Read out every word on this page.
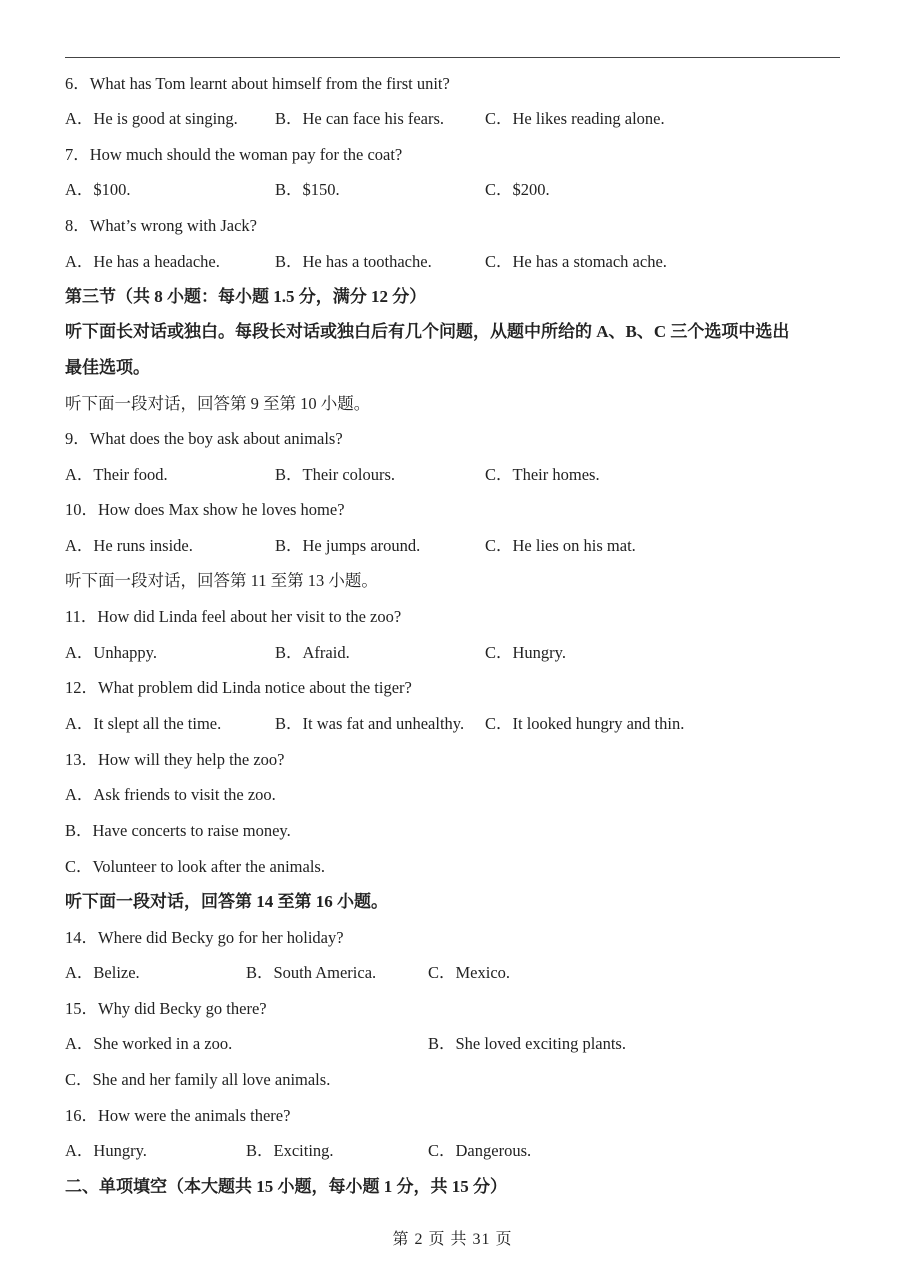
6．What has Tom learnt about himself from the first unit?
A．He is good at singing. B．He can face his fears. C．He likes reading alone.
7．How much should the woman pay for the coat?
A．$100.	B．$150.	C．$200.
8．What’s wrong with Jack?
A．He has a headache.	B．He has a toothache.	C．He has a stomach ache.
第三节（共 8 小题：每小题 1.5 分，满分 12 分）
听下面长对话或独白。每段长对话或独白后有几个问题，从题中所给的 A、B、C 三个选项中选出
最佳选项。
听下面一段对话，回答第 9 至第 10 小题。
9．What does the boy ask about animals?
A．Their food.	B．Their colours.	C．Their homes.
10．How does Max show he loves home?
A．He runs inside.	B．He jumps around.	C．He lies on his mat.
听下面一段对话，回答第 11 至第 13 小题。
11．How did Linda feel about her visit to the zoo?
A．Unhappy.	B．Afraid.	C．Hungry.
12．What problem did Linda notice about the tiger?
A．It slept all the time.	B．It was fat and unhealthy. C．It looked hungry and thin.
13．How will they help the zoo?
A．Ask friends to visit the zoo.
B．Have concerts to raise money.
C．Volunteer to look after the animals.
听下面一段对话，回答第 14 至第 16 小题。
14．Where did Becky go for her holiday?
A．Belize.	B．South America.	C．Mexico.
15．Why did Becky go there?
A．She worked in a zoo.	B．She loved exciting plants.
C．She and her family all love animals.
16．How were the animals there?
A．Hungry.	B．Exciting.	C．Dangerous.
二、单项填空（本大题共 15 小题，每小题 1 分，共 15 分）
第 2 页 共 31 页
